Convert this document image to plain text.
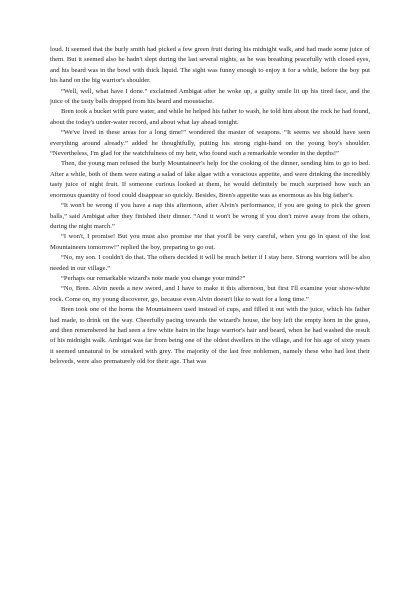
loud. It seemed that the burly smith had picked a few green fruit during his midnight walk, and had made some juice of them. But it seemed also he hadn't slept during the last several nights, as he was breathing peacefully with closed eyes, and his beard was in the bowl with thick liquid. The sight was funny enough to enjoy it for a while, before the boy put his hand on the big warrior's shoulder.

“Well, well, what have I done.” exclaimed Ambigat after he woke up, a guilty smile lit up his tired face, and the juice of the tasty balls dropped from his beard and moustache.

Bren took a bucket with pure water, and while he helped his father to wash, he told him about the rock he had found, about the today's under-water record, and about what lay ahead tonight.

“We've lived in these areas for a long time!” wondered the master of weapons. “It seems we should have seen everything around already.” added he thoughtfully, putting his strong right-hand on the young boy's shoulder. “Nevertheless, I'm glad for the watchfulness of my heir, who found such a remarkable wonder in the depths!”

Then, the young man refused the burly Mountaineer's help for the cooking of the dinner, sending him to go to bed. After a while, both of them were eating a salad of lake algae with a voracious appetite, and were drinking the incredibly tasty juice of night fruit. If someone curious looked at them, he would definitely be much surprised how such an enormous quantity of food could disappear so quickly. Besides, Bren's appetite was as enormous as his big father's.

“It won't be wrong if you have a nap this afternoon, after Alvin's performance, if you are going to pick the green balls,” said Ambigat after they finished their dinner. “And it won't be wrong if you don't move away from the others, during the night march.”

“I won't, I promise! But you must also promise me that you'll be very careful, when you go in quest of the lost Mountaineers tomorrow!” replied the boy, preparing to go out.

“No, my son. I couldn't do that. The others decided it will be much better if I stay here. Strong warriors will be also needed in our village.”

“Perhaps our remarkable wizard's note made you change your mind?”

“No, Bren. Alvin needs a new sword, and I have to make it this afternoon, but first I'll examine your show-white rock. Come on, my young discoverer, go, because even Alvin doesn't like to wait for a long time.”

Bren took one of the horns the Mountaineers used instead of cups, and filled it out with the juice, which his father had made, to drink on the way. Cheerfully pacing towards the wizard's house, the boy left the empty horn in the grass, and then remembered he had seen a few white hairs in the huge warrior's hair and beard, when he had washed the result of his midnight walk. Ambigat was far from being one of the oldest dwellers in the village, and for his age of sixty years it seemed unnatural to be streaked with grey. The majority of the last free noblemen, namely these who had lost their beloveds, were also prematurely old for their age. That was
